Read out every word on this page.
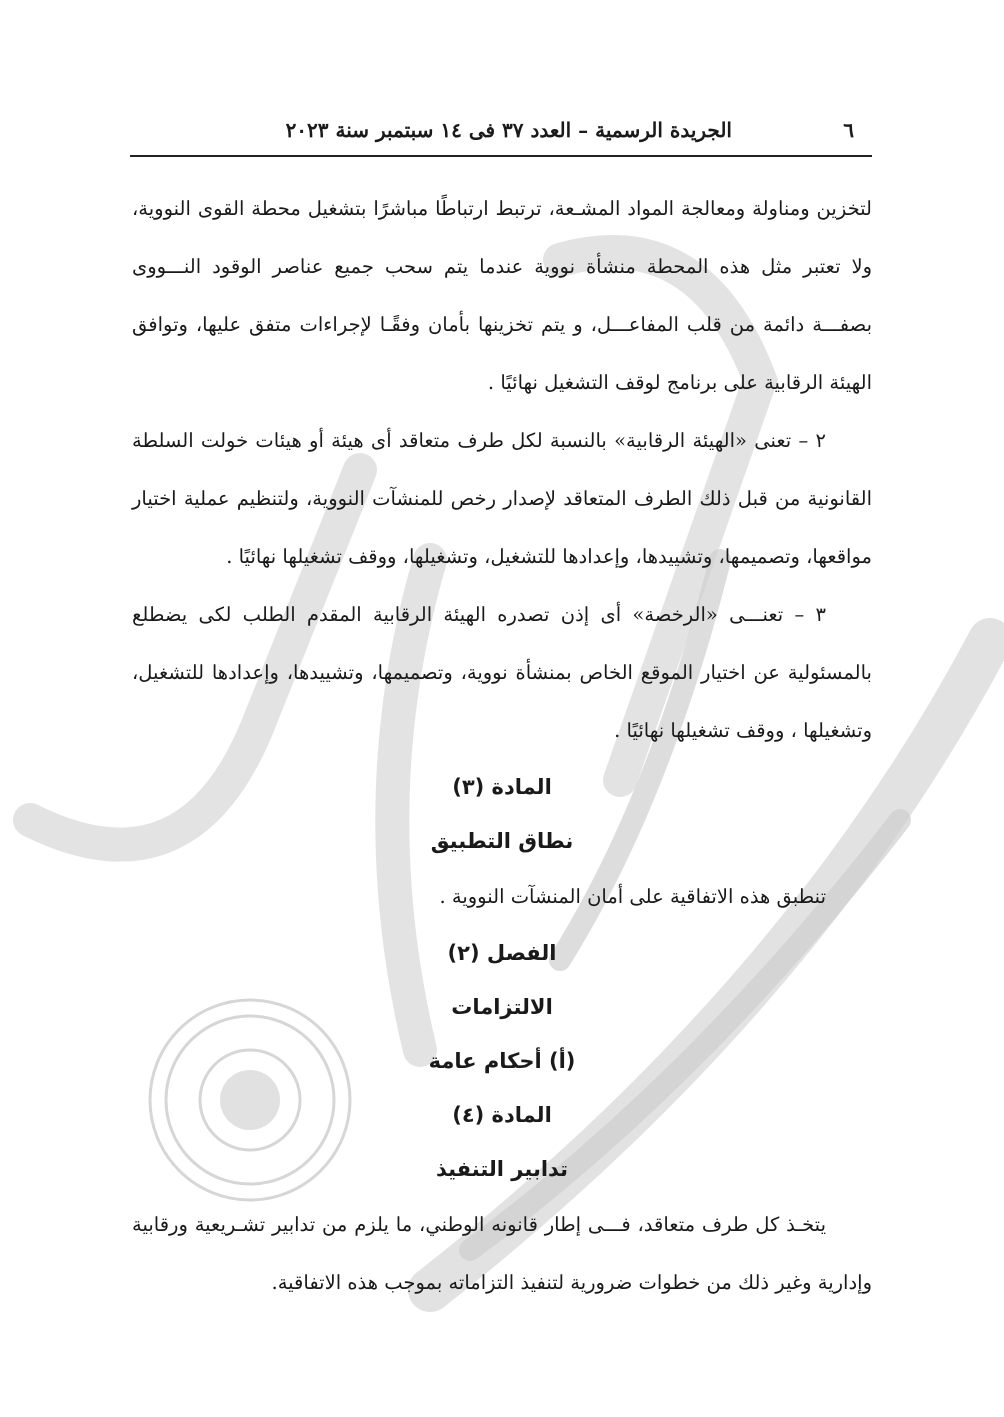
٦
الجريدة الرسمية – العدد ٣٧ فى ١٤ سبتمبر سنة ٢٠٢٣

لتخزين ومناولة ومعالجة المواد المشـعة، ترتبط ارتباطًا مباشرًا بتشغيل محطة القوى النووية، ولا تعتبر مثل هذه المحطة منشأة نووية عندما يتم سحب جميع عناصر الوقود النـــووى بصفـــة دائمة من قلب المفاعـــل، و يتم تخزينها بأمان وفقًـا لإجراءات متفق عليها، وتوافق الهيئة الرقابية على برنامج لوقف التشغيل نهائيًا .

٢ – تعنى «الهيئة الرقابية» بالنسبة لكل طرف متعاقد أى هيئة أو هيئات خولت السلطة القانونية من قبل ذلك الطرف المتعاقد لإصدار رخص للمنشآت النووية، ولتنظيم عملية اختيار مواقعها، وتصميمها، وتشييدها، وإعدادها للتشغيل، وتشغيلها، ووقف تشغيلها نهائيًا .

٣ – تعنـــى «الرخصة» أى إذن تصدره الهيئة الرقابية المقدم الطلب لكى يضطلع بالمسئولية عن اختيار الموقع الخاص بمنشأة نووية، وتصميمها، وتشييدها، وإعدادها للتشغيل، وتشغيلها ، ووقف تشغيلها نهائيًا .

المادة (٣)
نطاق التطبيق

تنطبق هذه الاتفاقية على أمان المنشآت النووية .

الفصل (٢)
الالتزامات
(أ) أحكام عامة
المادة (٤)
تدابير التنفيذ

يتخـذ كل طرف متعاقد، فـــى إطار قانونه الوطني، ما يلزم من تدابير تشـريعية ورقابية وإدارية وغير ذلك من خطوات ضرورية لتنفيذ التزاماته بموجب هذه الاتفاقية.
